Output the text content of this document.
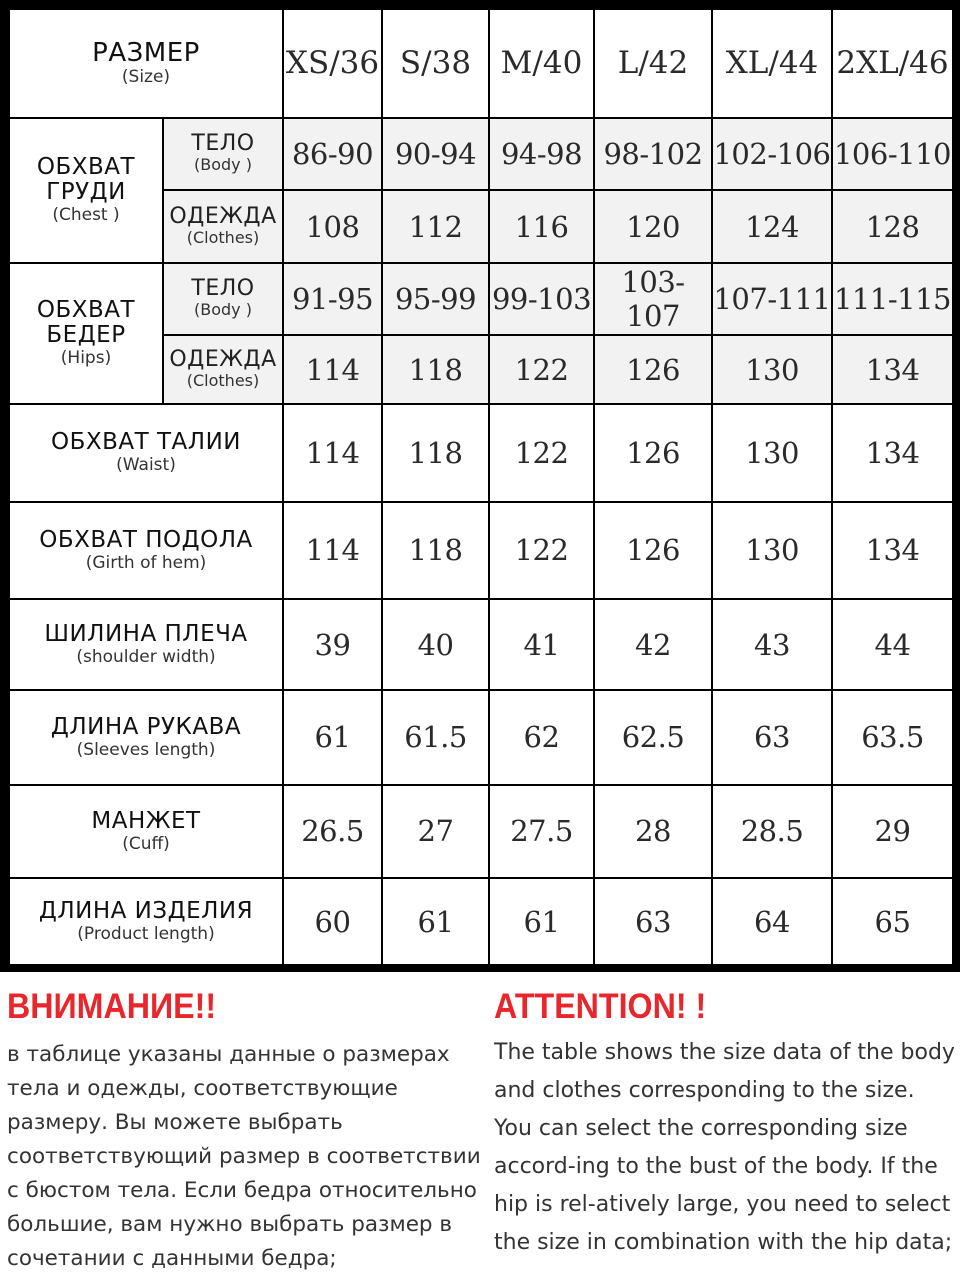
РАЗМЕР
(Size)		XS/36	S/38	M/40	L/42	XL/44	2XL/46

ОБХВАТ
ГРУДИ
(Chest )	ТЕЛО
(Body )	86-90	90-94	94-98	98-102	102-106	106-110

	ОДЕЖДА
(Clothes)	108	112	116	120	124	128

ОБХВАТ
БЕДЕР
(Hips)	ТЕЛО
(Body )	91-95	95-99	99-103	103-107	107-111	111-115

	ОДЕЖДА
(Clothes)	114	118	122	126	130	134

ОБХВАТ ТАЛИИ
(Waist)		114	118	122	126	130	134

ОБХВАТ ПОДОЛА
(Girth of hem)		114	118	122	126	130	134

ШИЛИНА ПЛЕЧА
(shoulder width)		39	40	41	42	43	44

ДЛИНА РУКАВА
(Sleeves length)		61	61.5	62	62.5	63	63.5

МАНЖЕТ
(Cuff)		26.5	27	27.5	28	28.5	29

ДЛИНА ИЗДЕЛИЯ
(Product length)		60	61	61	63	64	65
ВНИМАНИЕ!!

в таблице указаны данные о размерах тела и одежды, соответствующие размеру. Вы можете выбрать соответствующий размер в соответствии с бюстом тела. Если бедра относительно большие, вам нужно выбрать размер в сочетании с данными бедра;

ATTENTION! !

The table shows the size data of the body and clothes corresponding to the size. You can select the corresponding size accord-ing to the bust of the body. If the hip is rel-atively large, you need to select the size in combination with the hip data;
